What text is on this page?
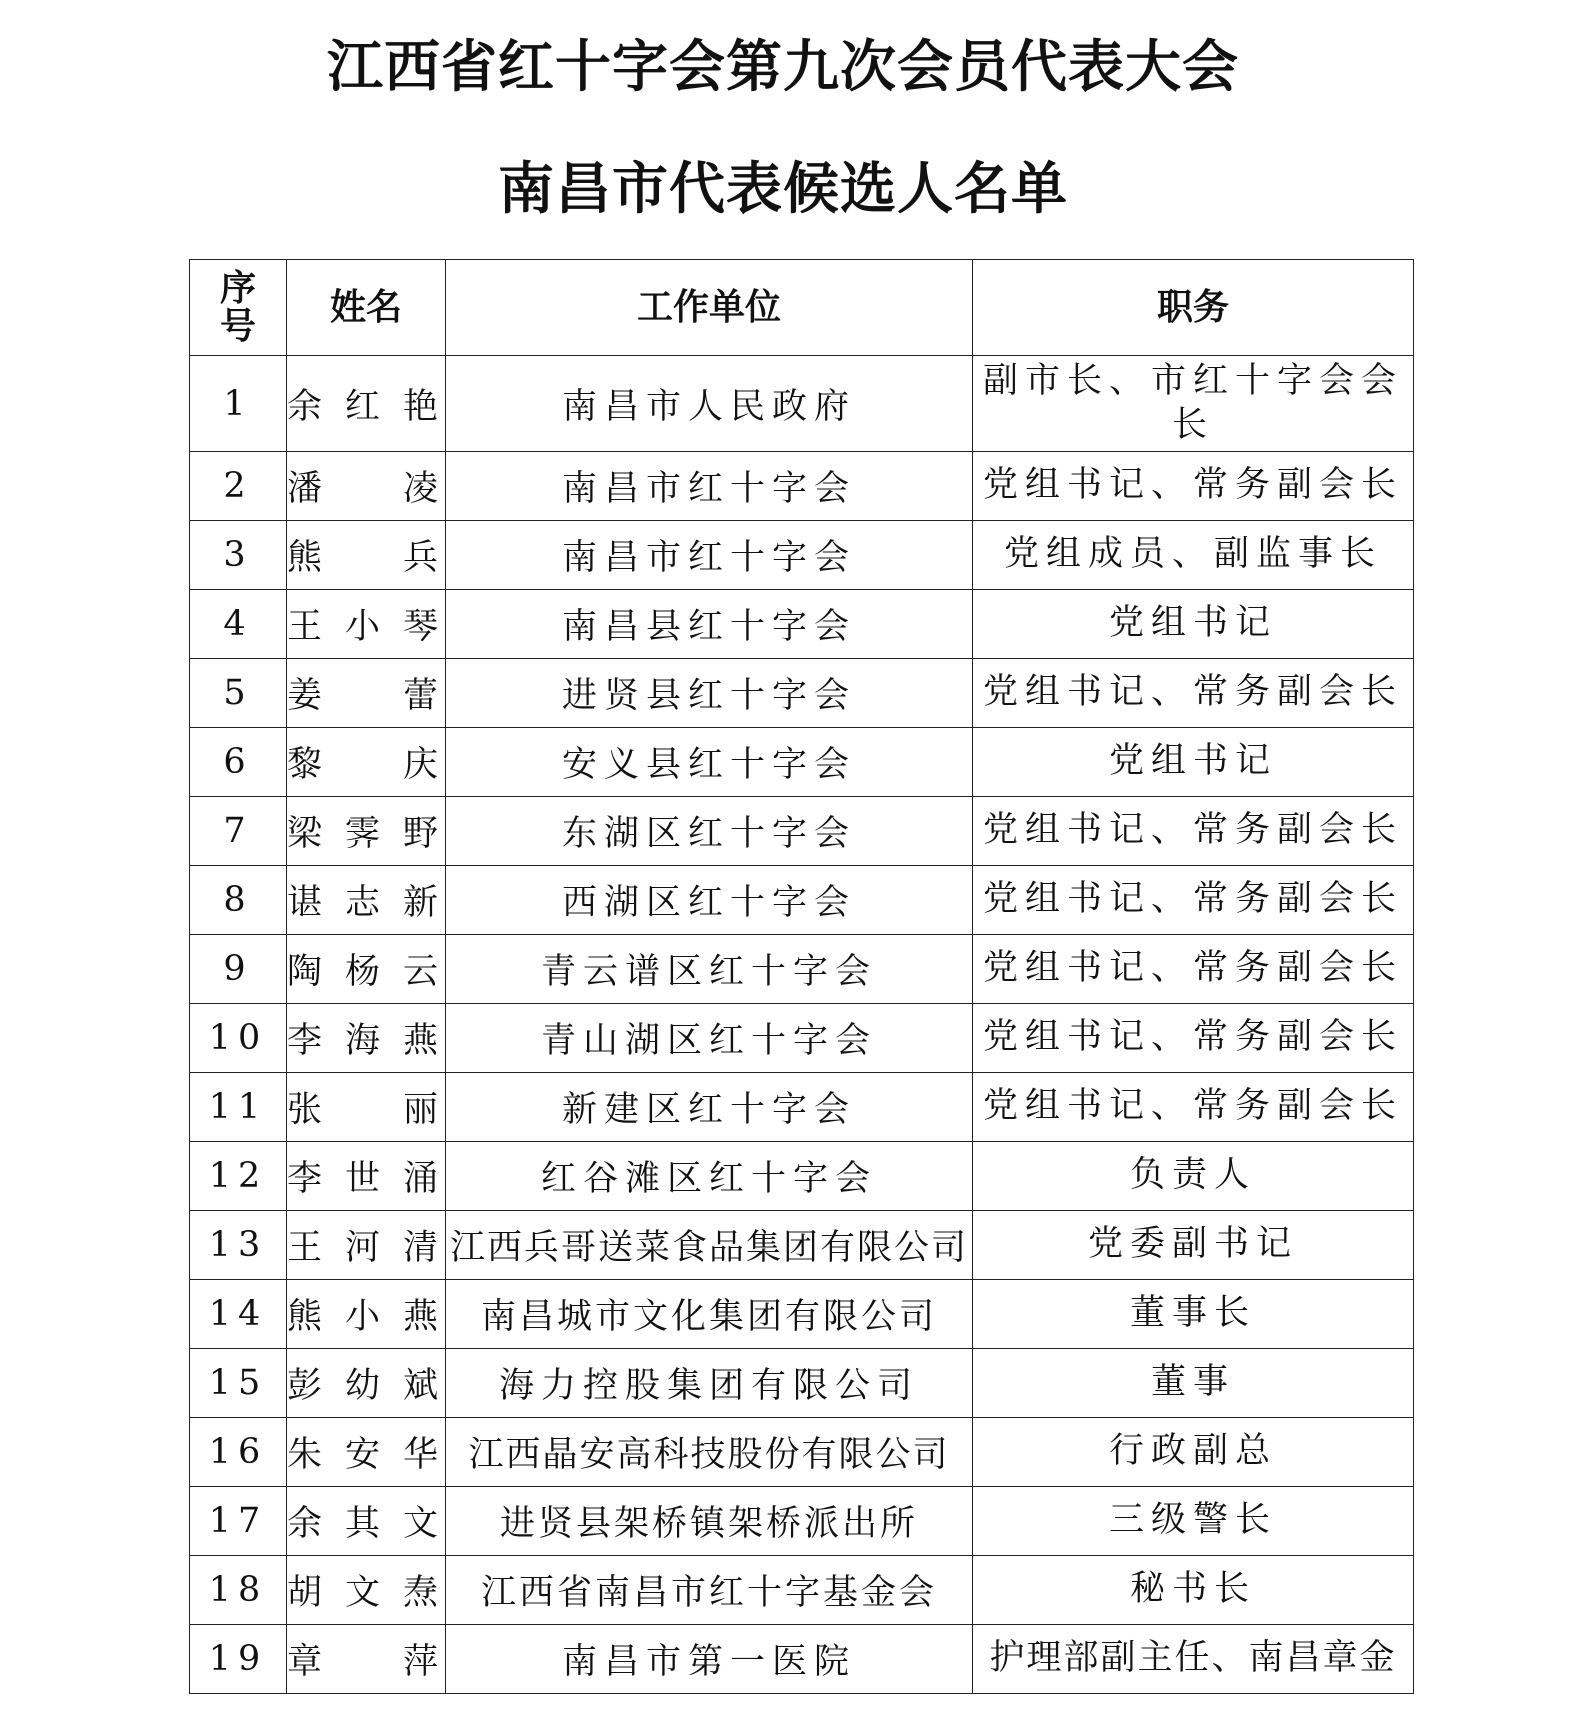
江西省红十字会第九次会员代表大会
南昌市代表候选人名单
序号	姓名	工作单位	职务
1	余红艳	南昌市人民政府	副市长、市红十字会会长
2	潘　凌	南昌市红十字会	党组书记、常务副会长
3	熊　兵	南昌市红十字会	党组成员、副监事长
4	王小琴	南昌县红十字会	党组书记
5	姜　蕾	进贤县红十字会	党组书记、常务副会长
6	黎　庆	安义县红十字会	党组书记
7	梁霁野	东湖区红十字会	党组书记、常务副会长
8	谌志新	西湖区红十字会	党组书记、常务副会长
9	陶杨云	青云谱区红十字会	党组书记、常务副会长
10	李海燕	青山湖区红十字会	党组书记、常务副会长
11	张　丽	新建区红十字会	党组书记、常务副会长
12	李世涌	红谷滩区红十字会	负责人
13	王河清	江西兵哥送菜食品集团有限公司	党委副书记
14	熊小燕	南昌城市文化集团有限公司	董事长
15	彭幼斌	海力控股集团有限公司	董事
16	朱安华	江西晶安高科技股份有限公司	行政副总
17	余其文	进贤县架桥镇架桥派出所	三级警长
18	胡文焘	江西省南昌市红十字基金会	秘书长
19	章　萍	南昌市第一医院	护理部副主任、南昌章金
